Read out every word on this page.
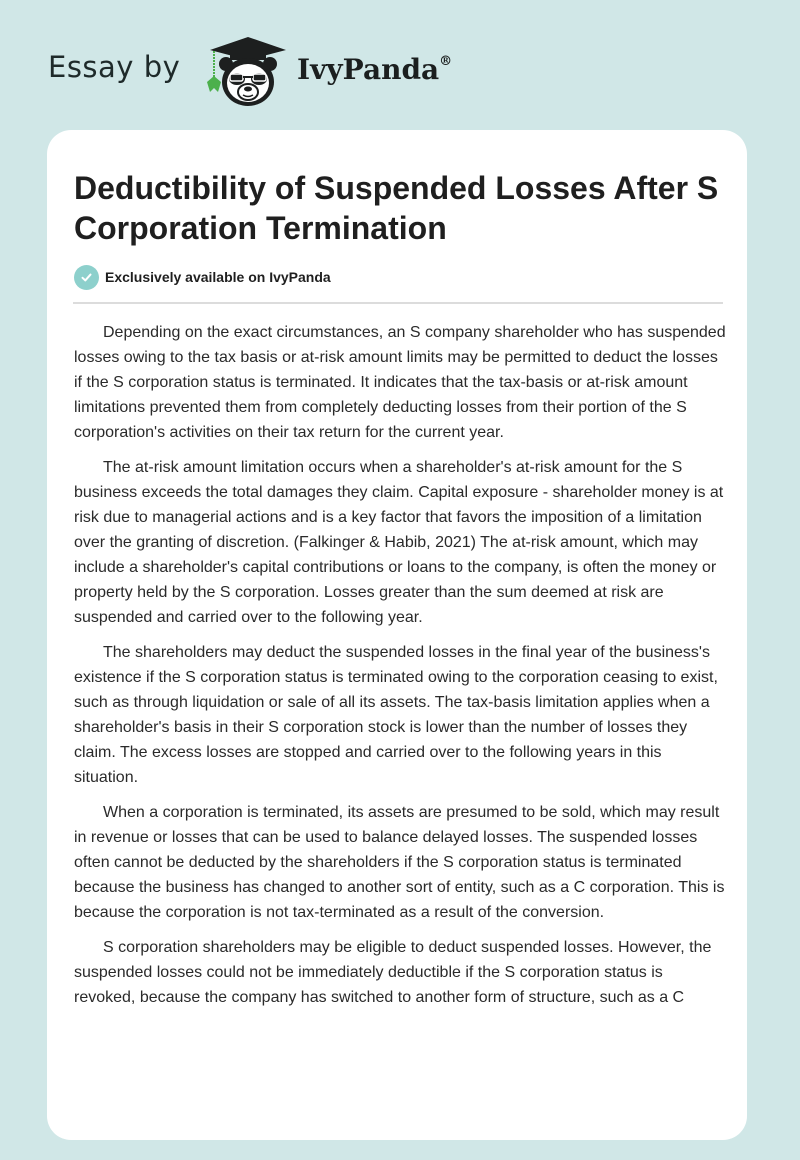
Essay by	IvyPanda®
Deductibility of Suspended Losses After S Corporation Termination
Exclusively available on IvyPanda

Depending on the exact circumstances, an S company shareholder who has suspended losses owing to the tax basis or at-risk amount limits may be permitted to deduct the losses if the S corporation status is terminated. It indicates that the tax-basis or at-risk amount limitations prevented them from completely deducting losses from their portion of the S corporation's activities on their tax return for the current year.

The at-risk amount limitation occurs when a shareholder's at-risk amount for the S business exceeds the total damages they claim. Capital exposure - shareholder money is at risk due to managerial actions and is a key factor that favors the imposition of a limitation over the granting of discretion. (Falkinger & Habib, 2021) The at-risk amount, which may include a shareholder's capital contributions or loans to the company, is often the money or property held by the S corporation. Losses greater than the sum deemed at risk are suspended and carried over to the following year.

The shareholders may deduct the suspended losses in the final year of the business's existence if the S corporation status is terminated owing to the corporation ceasing to exist, such as through liquidation or sale of all its assets. The tax-basis limitation applies when a shareholder's basis in their S corporation stock is lower than the number of losses they claim. The excess losses are stopped and carried over to the following years in this situation.

When a corporation is terminated, its assets are presumed to be sold, which may result in revenue or losses that can be used to balance delayed losses. The suspended losses often cannot be deducted by the shareholders if the S corporation status is terminated because the business has changed to another sort of entity, such as a C corporation. This is because the corporation is not tax-terminated as a result of the conversion.

S corporation shareholders may be eligible to deduct suspended losses. However, the suspended losses could not be immediately deductible if the S corporation status is revoked, because the company has switched to another form of structure, such as a C
